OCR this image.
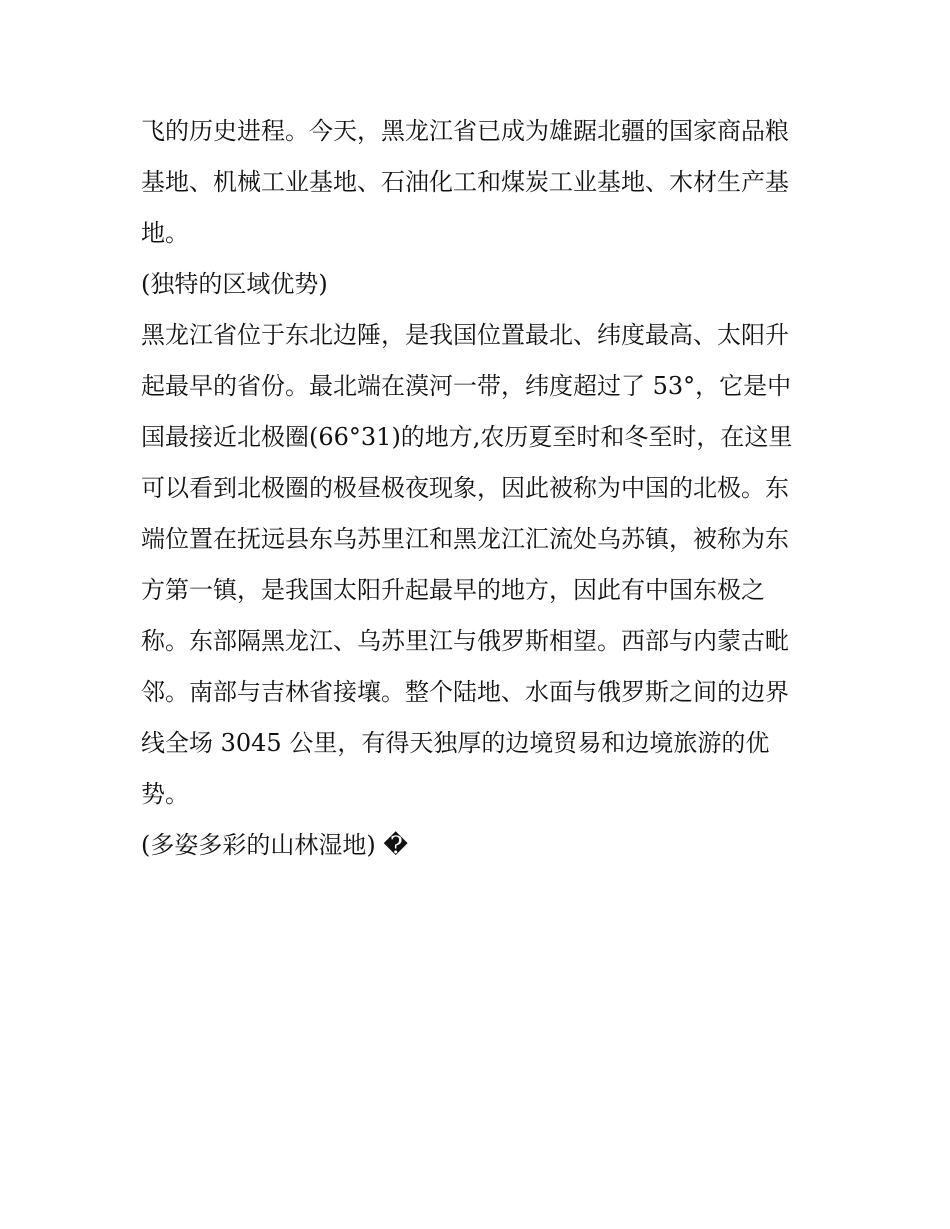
飞的历史进程。今天，黑龙江省已成为雄踞北疆的国家商品粮
基地、机械工业基地、石油化工和煤炭工业基地、木材生产基
地。
(独特的区域优势)
黑龙江省位于东北边陲，是我国位置最北、纬度最高、太阳升
起最早的省份。最北端在漠河一带，纬度超过了 53°，它是中
国最接近北极圈(66°31)的地方,农历夏至时和冬至时，在这里
可以看到北极圈的极昼极夜现象，因此被称为中国的北极。东
端位置在抚远县东乌苏里江和黑龙江汇流处乌苏镇，被称为东
方第一镇，是我国太阳升起最早的地方，因此有中国东极之
称。东部隔黑龙江、乌苏里江与俄罗斯相望。西部与内蒙古毗
邻。南部与吉林省接壤。整个陆地、水面与俄罗斯之间的边界
线全场 3045 公里，有得天独厚的边境贸易和边境旅游的优
势。
(多姿多彩的山林湿地) �
